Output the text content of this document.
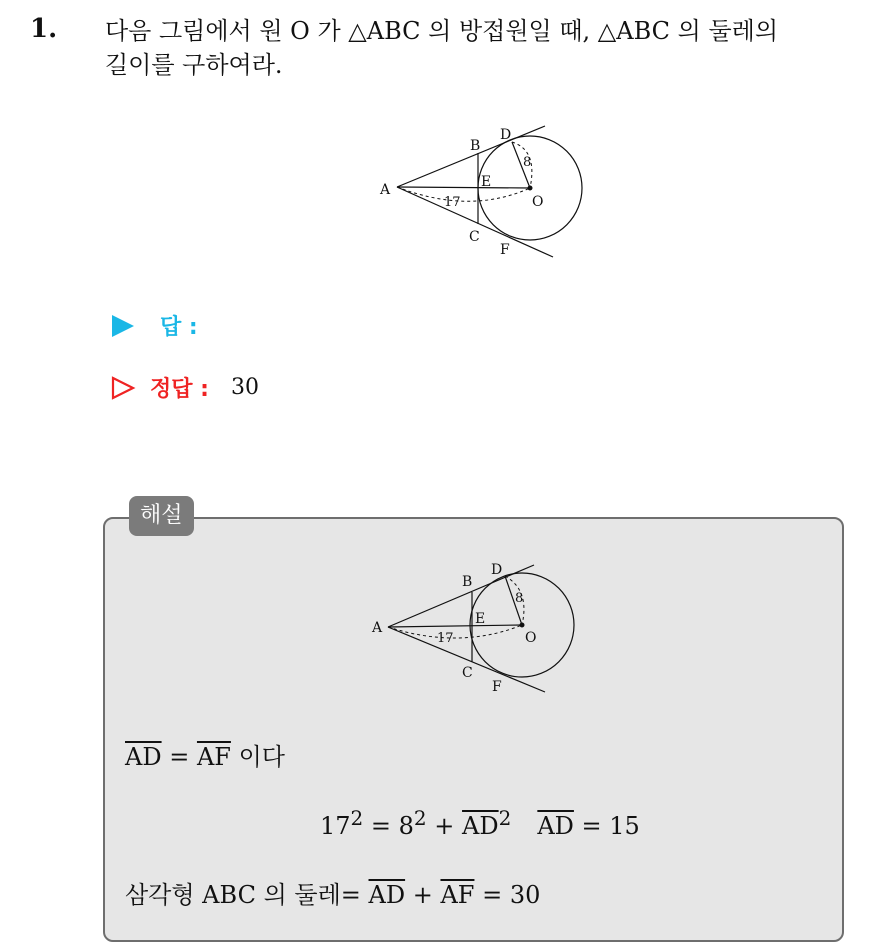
1. 다음 그림에서 원 O 가 △ABC 의 방접원일 때, △ABC 의 둘레의
길이를 구하여라.
A
B
D
E
O
C
F
17
8
답 :
정답 : 30
해설
A
B
D
E
O
C
F
17
8
$\overline{AD} = \overline{AF}$ 이다
$17^2 = 8^2 + \overline{AD}^2$ $\overline{AD} = 15$
삼각형 ABC 의 둘레= $\overline{AD} + \overline{AF} = 30$
